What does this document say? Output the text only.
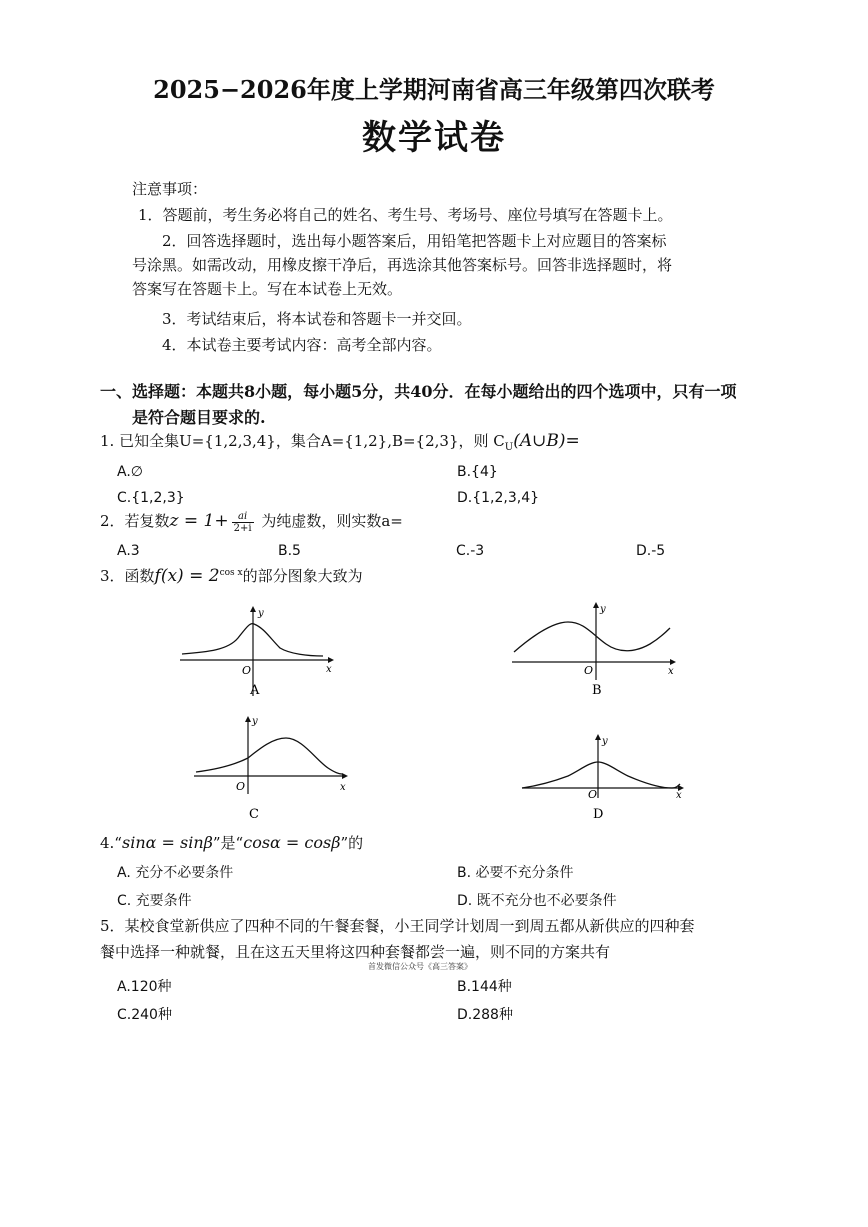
2025−2026年度上学期河南省高三年级第四次联考
数学试卷
注意事项：
1．答题前，考生务必将自己的姓名、考生号、考场号、座位号填写在答题卡上。
2．回答选择题时，选出每小题答案后，用铅笔把答题卡上对应题目的答案标
号涂黑。如需改动，用橡皮擦干净后，再选涂其他答案标号。回答非选择题时，将
答案写在答题卡上。写在本试卷上无效。
3．考试结束后，将本试卷和答题卡一并交回。
4．本试卷主要考试内容：高考全部内容。
一、选择题：本题共8小题，每小题5分，共40分．在每小题给出的四个选项中，只有一项
是符合题目要求的.
1. 已知全集U={1,2,3,4}，集合A={1,2},B={2,3}，则 $C_U(A\cup B)=$
A.∅	B.{4}
C.{1,2,3}	D.{1,2,3,4}
2．若复数$z = 1+ \frac{ai}{2+i}$ 为纯虚数，则实数a=
A.3	B.5	C.-3	D.-5
3．函数$f(x) = 2^{cos x}$的部分图象大致为
y
x
O
A
y
x
O
B
y
x
O
C
y
x
O
D
4.“sinα = sinβ”是“cosα = cosβ”的
A. 充分不必要条件	B. 必要不充分条件
C. 充要条件	D. 既不充分也不必要条件
5．某校食堂新供应了四种不同的午餐套餐，小王同学计划周一到周五都从新供应的四种套
餐中选择一种就餐，且在这五天里将这四种套餐都尝一遍，则不同的方案共有
首发微信公众号《高三答案》
A.120种	B.144种
C.240种	D.288种
